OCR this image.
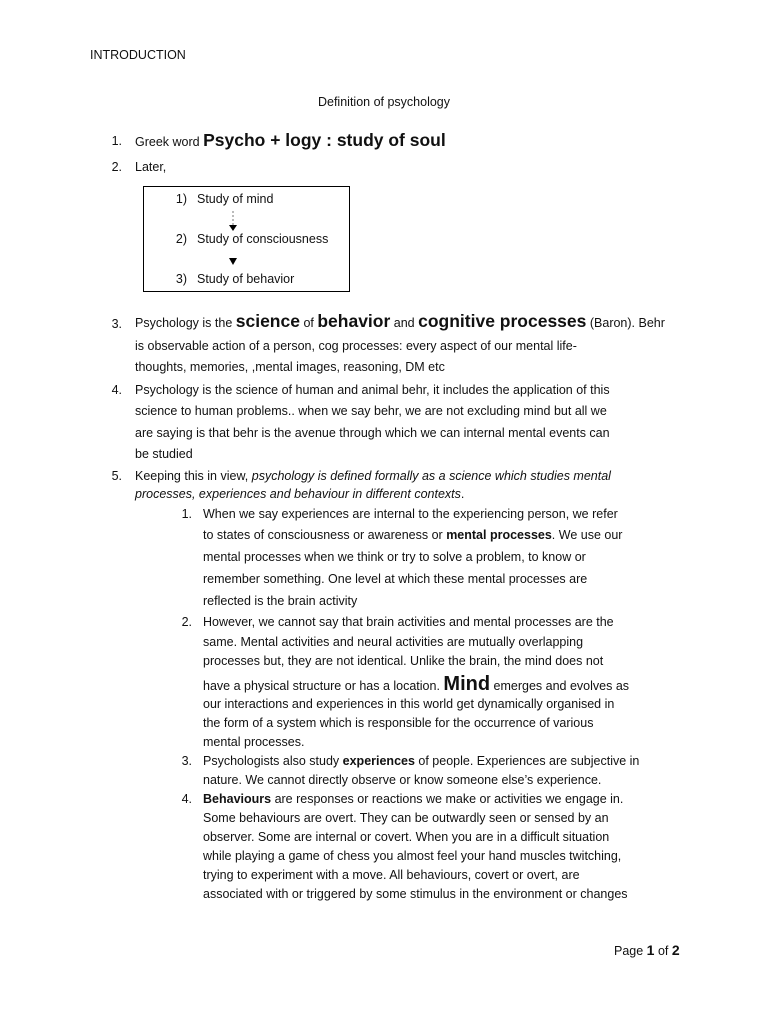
INTRODUCTION
Definition of psychology
1. Greek word Psycho + logy : study of soul
2. Later,
1) Study of mind
2) Study of consciousness
3) Study of behavior
3. Psychology is the science of behavior and cognitive processes (Baron). Behr
is observable action of a person, cog processes: every aspect of our mental life-
thoughts, memories, ,mental images, reasoning, DM etc
4. Psychology is the science of human and animal behr, it includes the application of this
science to human problems.. when we say behr, we are not excluding mind but all we
are saying is that behr is the avenue through which we can internal mental events can
be studied
5. Keeping this in view, psychology is defined formally as a science which studies mental
processes, experiences and behaviour in different contexts.
1. When we say experiences are internal to the experiencing person, we refer
to states of consciousness or awareness or mental processes. We use our
mental processes when we think or try to solve a problem, to know or
remember something. One level at which these mental processes are
reflected is the brain activity
2. However, we cannot say that brain activities and mental processes are the
same. Mental activities and neural activities are mutually overlapping
processes but, they are not identical. Unlike the brain, the mind does not
have a physical structure or has a location. Mind emerges and evolves as
our interactions and experiences in this world get dynamically organised in
the form of a system which is responsible for the occurrence of various
mental processes.
3. Psychologists also study experiences of people. Experiences are subjective in
nature. We cannot directly observe or know someone else’s experience.
4. Behaviours are responses or reactions we make or activities we engage in.
Some behaviours are overt. They can be outwardly seen or sensed by an
observer. Some are internal or covert. When you are in a difficult situation
while playing a game of chess you almost feel your hand muscles twitching,
trying to experiment with a move. All behaviours, covert or overt, are
associated with or triggered by some stimulus in the environment or changes
Page 1 of 2
